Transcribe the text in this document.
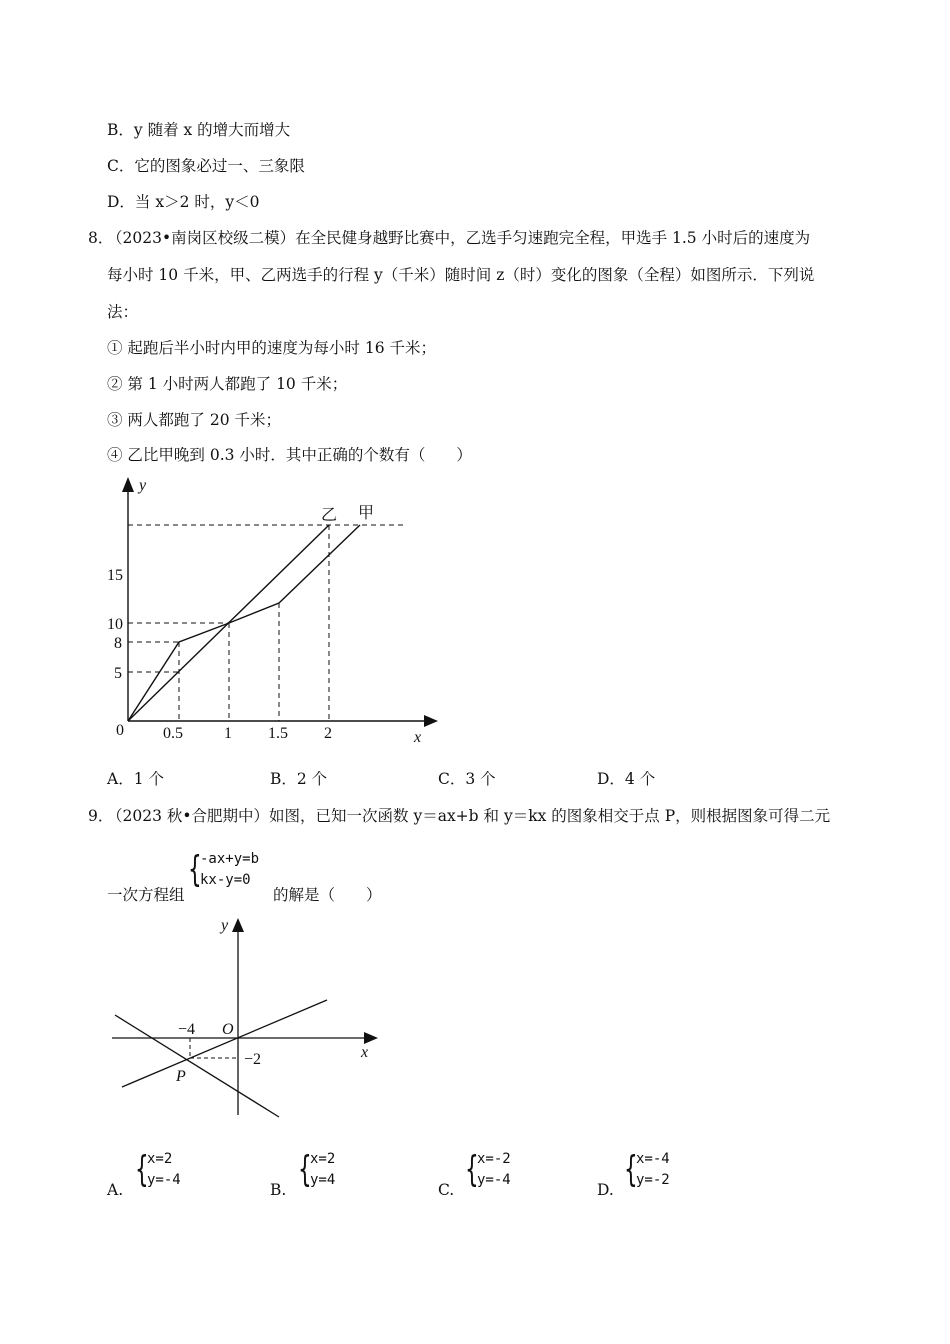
B．y 随着 x 的增大而增大
C．它的图象必过一、三象限
D．当 x＞2 时，y＜0
8．
（2023•南岗区校级二模）在全民健身越野比赛中，乙选手匀速跑完全程，甲选手 1.5 小时后的速度为
每小时 10 千米，甲、乙两选手的行程 y（千米）随时间 z（时）变化的图象（全程）如图所示．下列说
法：
① 起跑后半小时内甲的速度为每小时 16 千米；
② 第 1 小时两人都跑了 10 千米；
③ 两人都跑了 20 千米；
④ 乙比甲晚到 0.3 小时．其中正确的个数有（　　）
y
x
15
10
8
5
0 0.5	1 1.5 2
乙 甲
A．1 个	B．2 个	C．3 个	D．4 个
9．
（2023 秋•合肥期中）如图，已知一次函数 y＝ax+b 和 y＝kx 的图象相交于点 P，则根据图象可得二元
一次方程组
{
-ax+y=b
kx-y=0
的解是（　　）
y
x
O
−4
−2
P
A. {
x=2
y=-4
B. {
x=2
y=4
C. {
x=-2
y=-4
D. {
x=-4
y=-2
